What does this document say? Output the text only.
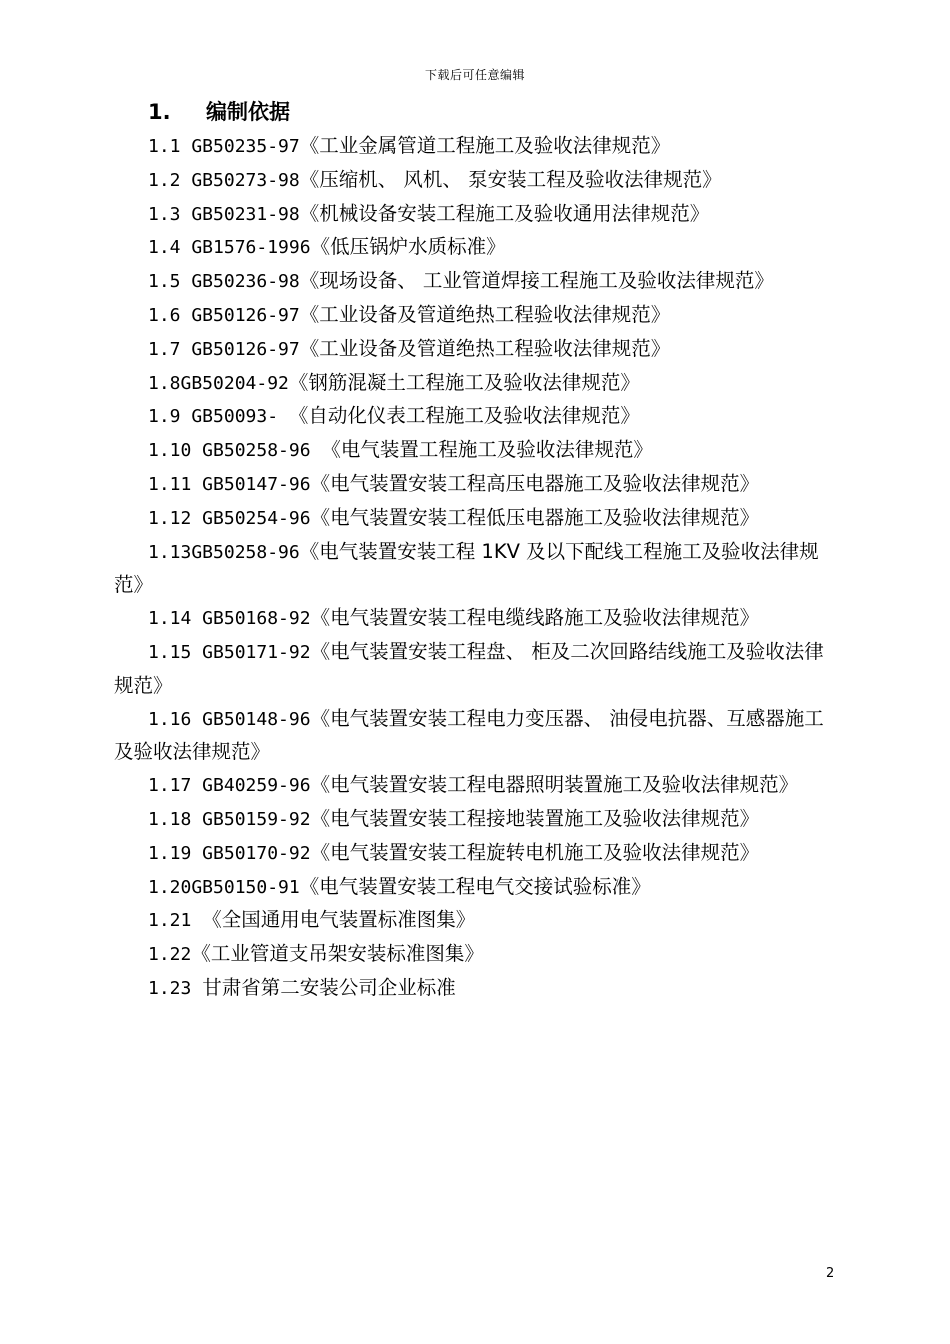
下载后可任意编辑
1. 编制依据

1.1 GB50235-97《工业金属管道工程施工及验收法律规范》

1.2 GB50273-98《压缩机、 风机、 泵安装工程及验收法律规范》

1.3 GB50231-98《机械设备安装工程施工及验收通用法律规范》

1.4 GB1576-1996《低压锅炉水质标准》

1.5 GB50236-98《现场设备、 工业管道焊接工程施工及验收法律规范》

1.6 GB50126-97《工业设备及管道绝热工程验收法律规范》

1.7 GB50126-97《工业设备及管道绝热工程验收法律规范》

1.8GB50204-92《钢筋混凝土工程施工及验收法律规范》

1.9 GB50093- 《自动化仪表工程施工及验收法律规范》

1.10 GB50258-96 《电气装置工程施工及验收法律规范》

1.11 GB50147-96《电气装置安装工程高压电器施工及验收法律规范》

1.12 GB50254-96《电气装置安装工程低压电器施工及验收法律规范》

1.13GB50258-96《电气装置安装工程 1KV 及以下配线工程施工及验收法律规范》

1.14 GB50168-92《电气装置安装工程电缆线路施工及验收法律规范》

1.15 GB50171-92《电气装置安装工程盘、 柜及二次回路结线施工及验收法律规范》

1.16 GB50148-96《电气装置安装工程电力变压器、 油侵电抗器、互感器施工及验收法律规范》

1.17 GB40259-96《电气装置安装工程电器照明装置施工及验收法律规范》

1.18 GB50159-92《电气装置安装工程接地装置施工及验收法律规范》

1.19 GB50170-92《电气装置安装工程旋转电机施工及验收法律规范》

1.20GB50150-91《电气装置安装工程电气交接试验标准》

1.21 《全国通用电气装置标准图集》

1.22《工业管道支吊架安装标准图集》

1.23 甘肃省第二安装公司企业标准

2
